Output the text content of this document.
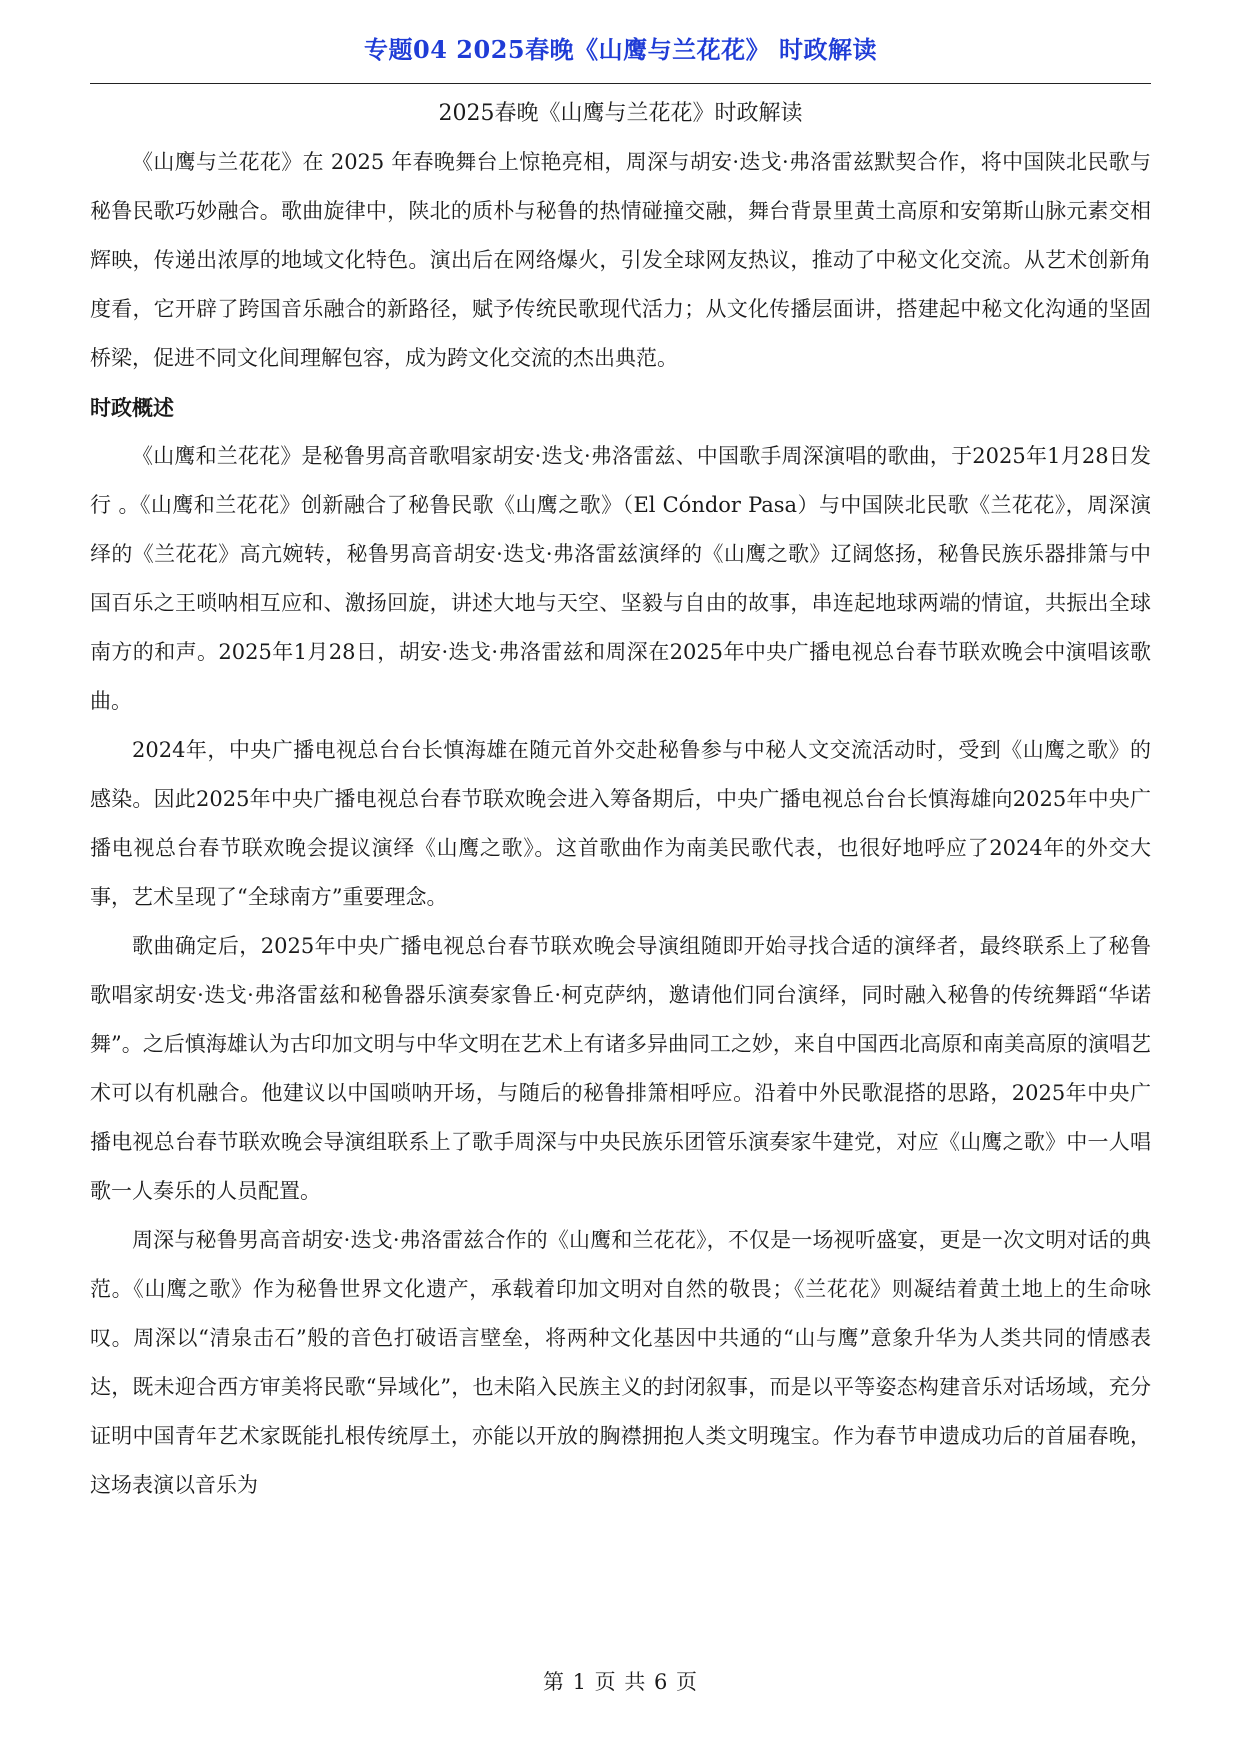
专题04 2025春晚《山鹰与兰花花》 时政解读
2025春晚《山鹰与兰花花》时政解读

《山鹰与兰花花》在 2025 年春晚舞台上惊艳亮相，周深与胡安·迭戈·弗洛雷兹默契合作，将中国陕北民歌与秘鲁民歌巧妙融合。歌曲旋律中，陕北的质朴与秘鲁的热情碰撞交融，舞台背景里黄土高原和安第斯山脉元素交相辉映，传递出浓厚的地域文化特色。演出后在网络爆火，引发全球网友热议，推动了中秘文化交流。从艺术创新角度看，它开辟了跨国音乐融合的新路径，赋予传统民歌现代活力；从文化传播层面讲，搭建起中秘文化沟通的坚固桥梁，促进不同文化间理解包容，成为跨文化交流的杰出典范。

时政概述

《山鹰和兰花花》是秘鲁男高音歌唱家胡安·迭戈·弗洛雷兹、中国歌手周深演唱的歌曲，于2025年1月28日发行 。《山鹰和兰花花》创新融合了秘鲁民歌《山鹰之歌》（El Cóndor Pasa）与中国陕北民歌《兰花花》，周深演绎的《兰花花》高亢婉转，秘鲁男高音胡安·迭戈·弗洛雷兹演绎的《山鹰之歌》辽阔悠扬，秘鲁民族乐器排箫与中国百乐之王唢呐相互应和、激扬回旋，讲述大地与天空、坚毅与自由的故事，串连起地球两端的情谊，共振出全球南方的和声。2025年1月28日，胡安·迭戈·弗洛雷兹和周深在2025年中央广播电视总台春节联欢晚会中演唱该歌曲。

2024年，中央广播电视总台台长慎海雄在随元首外交赴秘鲁参与中秘人文交流活动时，受到《山鹰之歌》的感染。因此2025年中央广播电视总台春节联欢晚会进入筹备期后，中央广播电视总台台长慎海雄向2025年中央广播电视总台春节联欢晚会提议演绎《山鹰之歌》。这首歌曲作为南美民歌代表，也很好地呼应了2024年的外交大事，艺术呈现了“全球南方”重要理念。

歌曲确定后，2025年中央广播电视总台春节联欢晚会导演组随即开始寻找合适的演绎者，最终联系上了秘鲁歌唱家胡安·迭戈·弗洛雷兹和秘鲁器乐演奏家鲁丘·柯克萨纳，邀请他们同台演绎，同时融入秘鲁的传统舞蹈“华诺舞”。之后慎海雄认为古印加文明与中华文明在艺术上有诸多异曲同工之妙，来自中国西北高原和南美高原的演唱艺术可以有机融合。他建议以中国唢呐开场，与随后的秘鲁排箫相呼应。沿着中外民歌混搭的思路，2025年中央广播电视总台春节联欢晚会导演组联系上了歌手周深与中央民族乐团管乐演奏家牛建党，对应《山鹰之歌》中一人唱歌一人奏乐的人员配置。

周深与秘鲁男高音胡安·迭戈·弗洛雷兹合作的《山鹰和兰花花》，不仅是一场视听盛宴，更是一次文明对话的典范。《山鹰之歌》作为秘鲁世界文化遗产，承载着印加文明对自然的敬畏；《兰花花》则凝结着黄土地上的生命咏叹。周深以“清泉击石”般的音色打破语言壁垒，将两种文化基因中共通的“山与鹰”意象升华为人类共同的情感表达，既未迎合西方审美将民歌“异域化”，也未陷入民族主义的封闭叙事，而是以平等姿态构建音乐对话场域，充分证明中国青年艺术家既能扎根传统厚土，亦能以开放的胸襟拥抱人类文明瑰宝。作为春节申遗成功后的首届春晚，这场表演以音乐为

第 1 页 共 6 页
